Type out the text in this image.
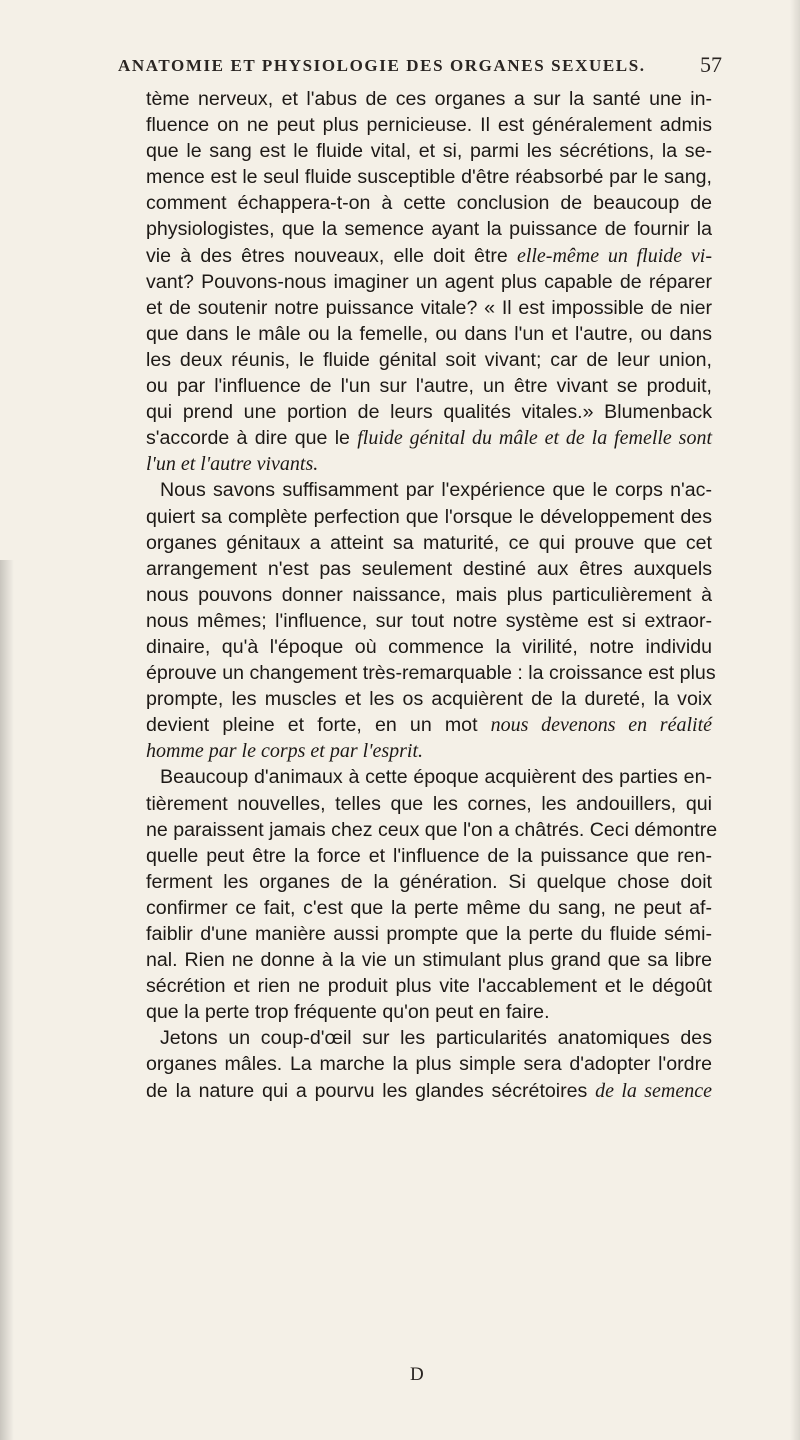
ANATOMIE ET PHYSIOLOGIE DES ORGANES SEXUELS. 57
tème nerveux, et l'abus de ces organes a sur la santé une in-
fluence on ne peut plus pernicieuse. Il est généralement admis
que le sang est le fluide vital, et si, parmi les sécrétions, la se-
mence est le seul fluide susceptible d'être réabsorbé par le sang,
comment échappera-t-on à cette conclusion de beaucoup de
physiologistes, que la semence ayant la puissance de fournir la
vie à des êtres nouveaux, elle doit être elle-même un fluide vi-
vant? Pouvons-nous imaginer un agent plus capable de réparer
et de soutenir notre puissance vitale? « Il est impossible de nier
que dans le mâle ou la femelle, ou dans l'un et l'autre, ou dans
les deux réunis, le fluide génital soit vivant; car de leur union,
ou par l'influence de l'un sur l'autre, un être vivant se produit,
qui prend une portion de leurs qualités vitales.» Blumenback
s'accorde à dire que le fluide génital du mâle et de la femelle sont
l'un et l'autre vivants.
Nous savons suffisamment par l'expérience que le corps n'ac-
quiert sa complète perfection que l'orsque le développement des
organes génitaux a atteint sa maturité, ce qui prouve que cet
arrangement n'est pas seulement destiné aux êtres auxquels
nous pouvons donner naissance, mais plus particulièrement à
nous mêmes; l'influence, sur tout notre système est si extraor-
dinaire, qu'à l'époque où commence la virilité, notre individu
éprouve un changement très-remarquable : la croissance est plus
prompte, les muscles et les os acquièrent de la dureté, la voix
devient pleine et forte, en un mot nous devenons en réalité
homme par le corps et par l'esprit.
Beaucoup d'animaux à cette époque acquièrent des parties en-
tièrement nouvelles, telles que les cornes, les andouillers, qui
ne paraissent jamais chez ceux que l'on a châtrés. Ceci démontre
quelle peut être la force et l'influence de la puissance que ren-
ferment les organes de la génération. Si quelque chose doit
confirmer ce fait, c'est que la perte même du sang, ne peut af-
faiblir d'une manière aussi prompte que la perte du fluide sémi-
nal. Rien ne donne à la vie un stimulant plus grand que sa libre
sécrétion et rien ne produit plus vite l'accablement et le dégoût
que la perte trop fréquente qu'on peut en faire.
Jetons un coup-d'œil sur les particularités anatomiques des
organes mâles. La marche la plus simple sera d'adopter l'ordre
de la nature qui a pourvu les glandes sécrétoires de la semence
D
